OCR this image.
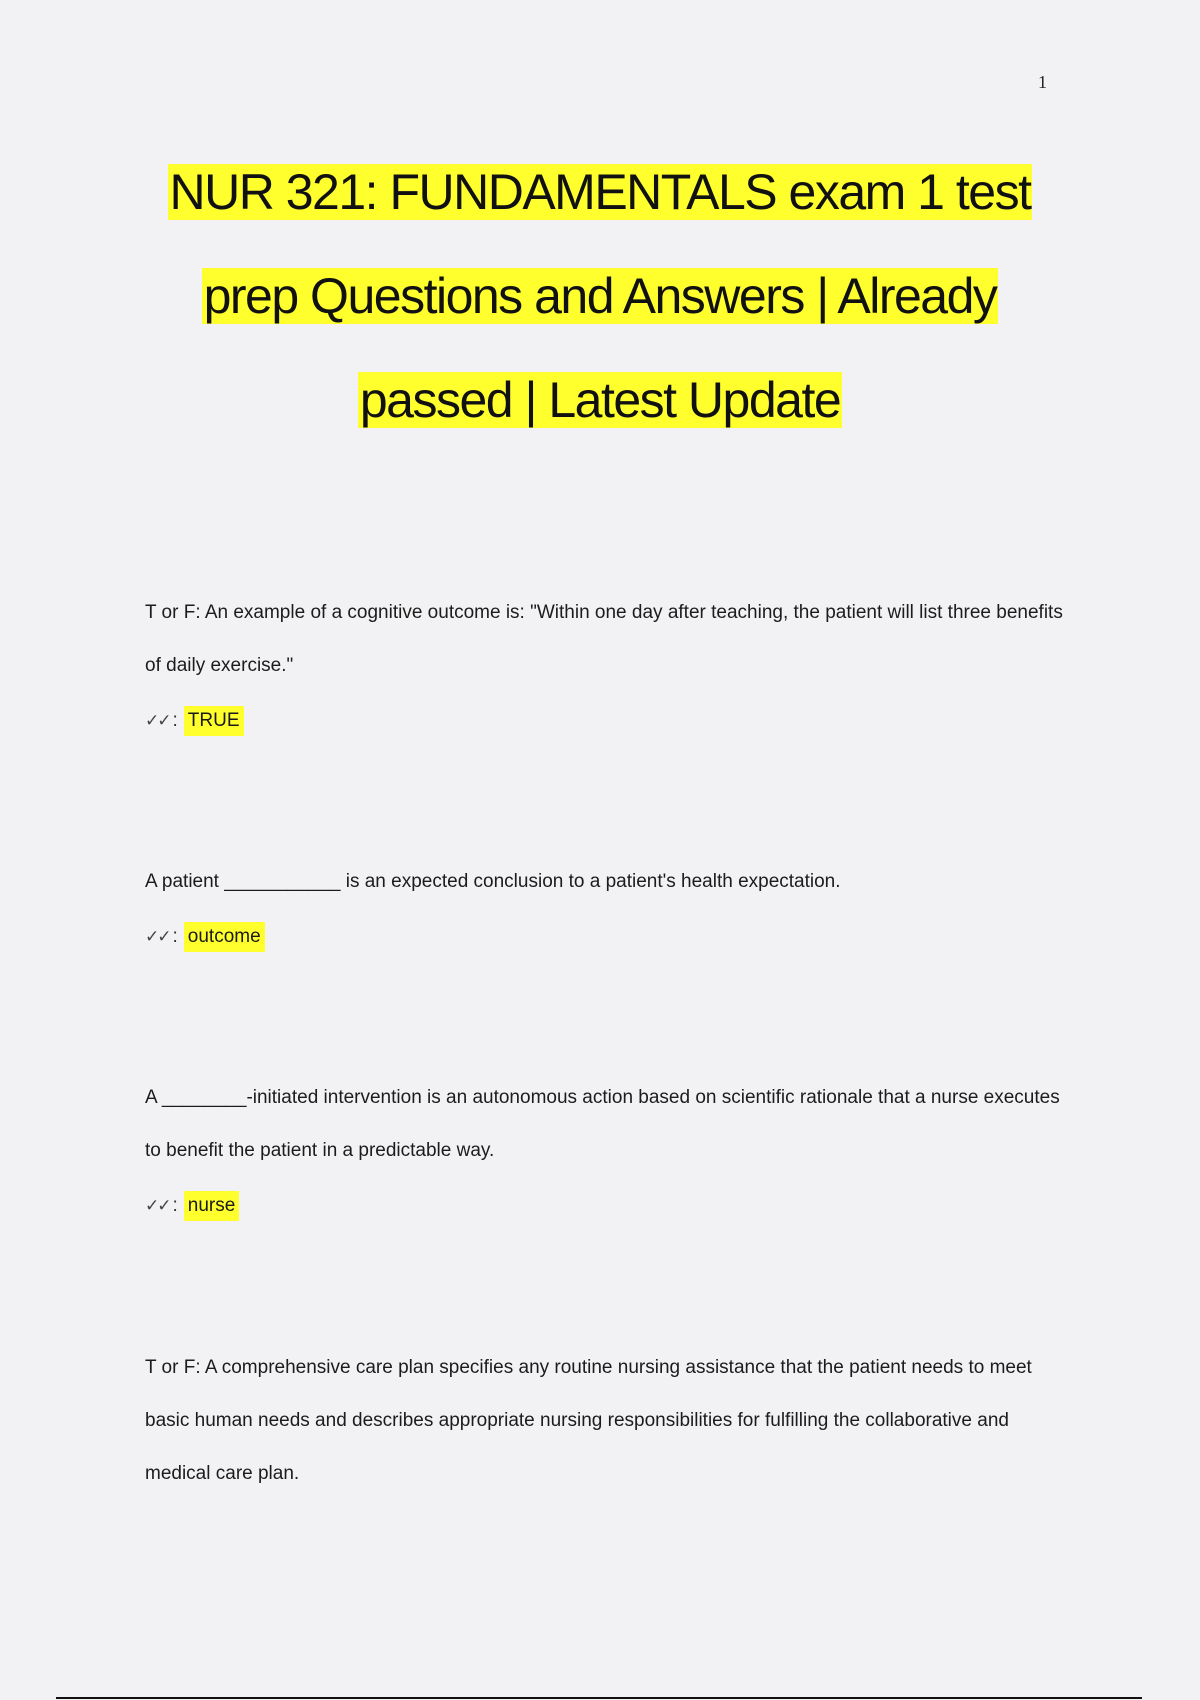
1
NUR 321: FUNDAMENTALS exam 1 test
prep Questions and Answers | Already
passed | Latest Update
T or F: An example of a cognitive outcome is: "Within one day after teaching, the patient will list three benefits of daily exercise."
✓✓ : TRUE
A patient ___________ is an expected conclusion to a patient's health expectation.
✓✓ : outcome
A ________-initiated intervention is an autonomous action based on scientific rationale that a nurse executes to benefit the patient in a predictable way.
✓✓ : nurse
T or F: A comprehensive care plan specifies any routine nursing assistance that the patient needs to meet basic human needs and describes appropriate nursing responsibilities for fulfilling the collaborative and medical care plan.
